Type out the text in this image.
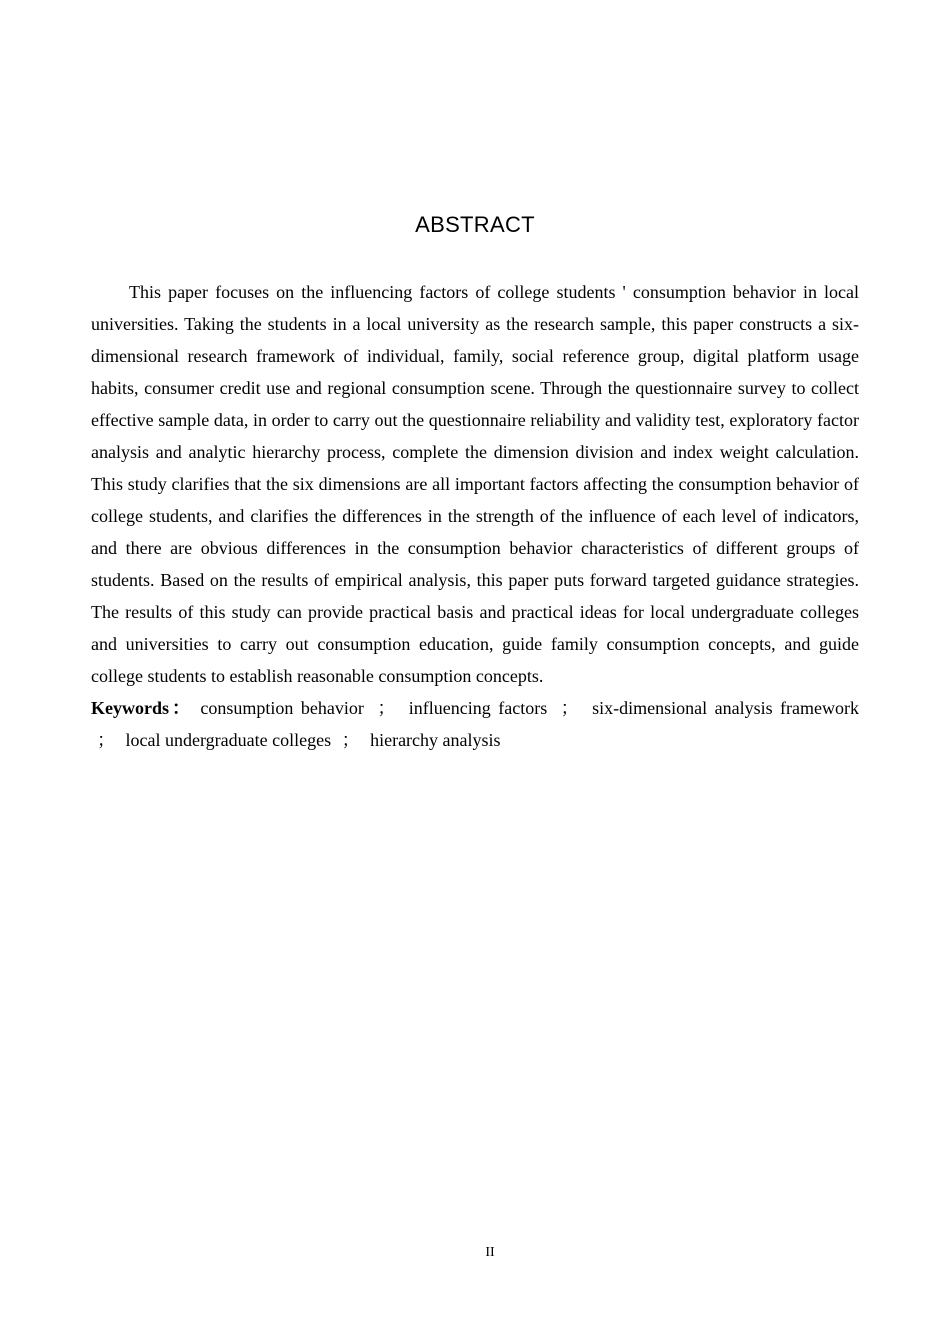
ABSTRACT

This paper focuses on the influencing factors of college students ' consumption behavior in local universities. Taking the students in a local university as the research sample, this paper constructs a six-dimensional research framework of individual, family, social reference group, digital platform usage habits, consumer credit use and regional consumption scene. Through the questionnaire survey to collect effective sample data, in order to carry out the questionnaire reliability and validity test, exploratory factor analysis and analytic hierarchy process, complete the dimension division and index weight calculation. This study clarifies that the six dimensions are all important factors affecting the consumption behavior of college students, and clarifies the differences in the strength of the influence of each level of indicators, and there are obvious differences in the consumption behavior characteristics of different groups of students. Based on the results of empirical analysis, this paper puts forward targeted guidance strategies. The results of this study can provide practical basis and practical ideas for local undergraduate colleges and universities to carry out consumption education, guide family consumption concepts, and guide college students to establish reasonable consumption concepts.

Keywords： consumption behavior ； influencing factors ； six-dimensional analysis framework ； local undergraduate colleges ； hierarchy analysis

II
